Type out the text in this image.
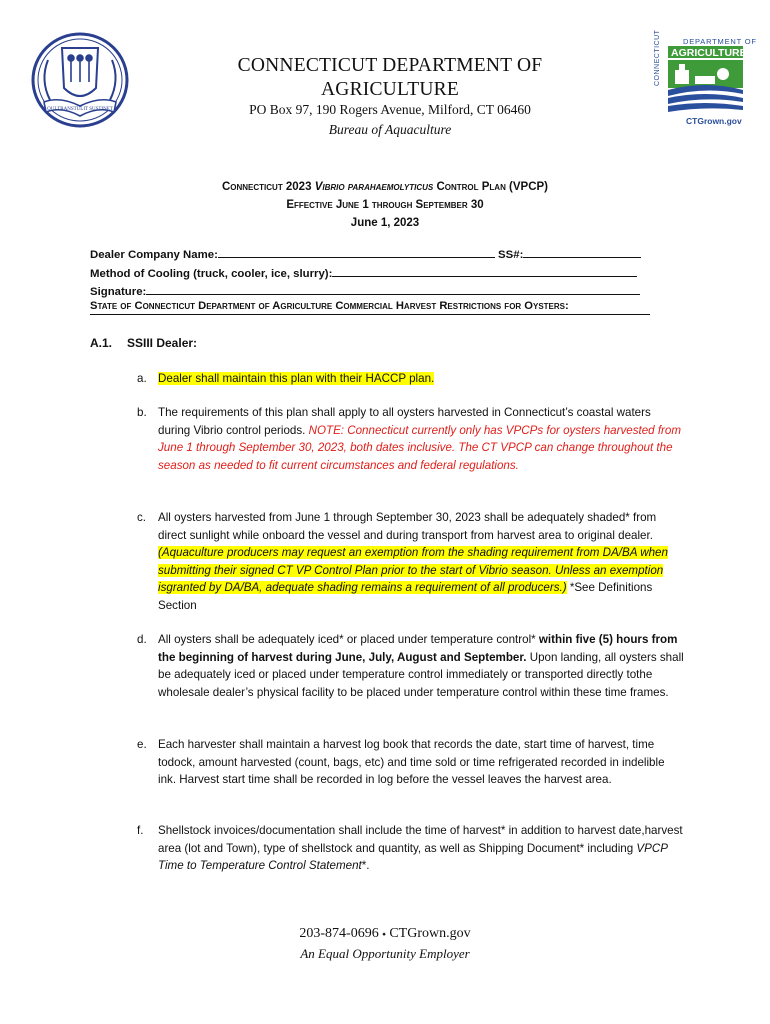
QUI TRANSTULIT SUSTINET
CONNECTICUT	DEPARTMENT OF
AGRICULTURE
CTGrown.gov
CONNECTICUT DEPARTMENT OF AGRICULTURE
PO Box 97, 190 Rogers Avenue, Milford, CT 06460
Bureau of Aquaculture
Connecticut 2023 Vibrio parahaemolyticus Control Plan (VPCP)
Effective June 1 through September 30
June 1, 2023
Dealer Company Name:	SS#:
Method of Cooling (truck, cooler, ice, slurry):
Signature:
State of Connecticut Department of Agriculture Commercial Harvest Restrictions for Oysters:
A.1. SSIII Dealer:
a. Dealer shall maintain this plan with their HACCP plan.
b. The requirements of this plan shall apply to all oysters harvested in Connecticut’s coastal waters during Vibrio control periods. NOTE: Connecticut currently only has VPCPs for oysters harvested from June 1 through September 30, 2023, both dates inclusive. The CT VPCP can change throughout the season as needed to fit current circumstances and federal regulations.
c.	All oysters harvested from June 1 through September 30, 2023 shall be adequately shaded* from direct sunlight while onboard the vessel and during transport from harvest area to original dealer. (Aquaculture producers may request an exemption from the shading requirement from DA/BA when submitting their signed CT VP Control Plan prior to the start of Vibrio season. Unless an exemption isgranted by DA/BA, adequate shading remains a requirement of all producers.) *See Definitions Section
d. All oysters shall be adequately iced* or placed under temperature control* within five (5) hours from the beginning of harvest during June, July, August and September. Upon landing, all oysters shall be adequately iced or placed under temperature control immediately or transported directly tothe wholesale dealer’s physical facility to be placed under temperature control within these time frames.
e. Each harvester shall maintain a harvest log book that records the date, start time of harvest, time todock, amount harvested (count, bags, etc) and time sold or time refrigerated recorded in indelible ink. Harvest start time shall be recorded in log before the vessel leaves the harvest area.
f.	Shellstock invoices/documentation shall include the time of harvest* in addition to harvest date,harvest area (lot and Town), type of shellstock and quantity, as well as Shipping Document* including VPCP Time to Temperature Control Statement*.
203-874-0696 ⬩ CTGrown.gov
An Equal Opportunity Employer
